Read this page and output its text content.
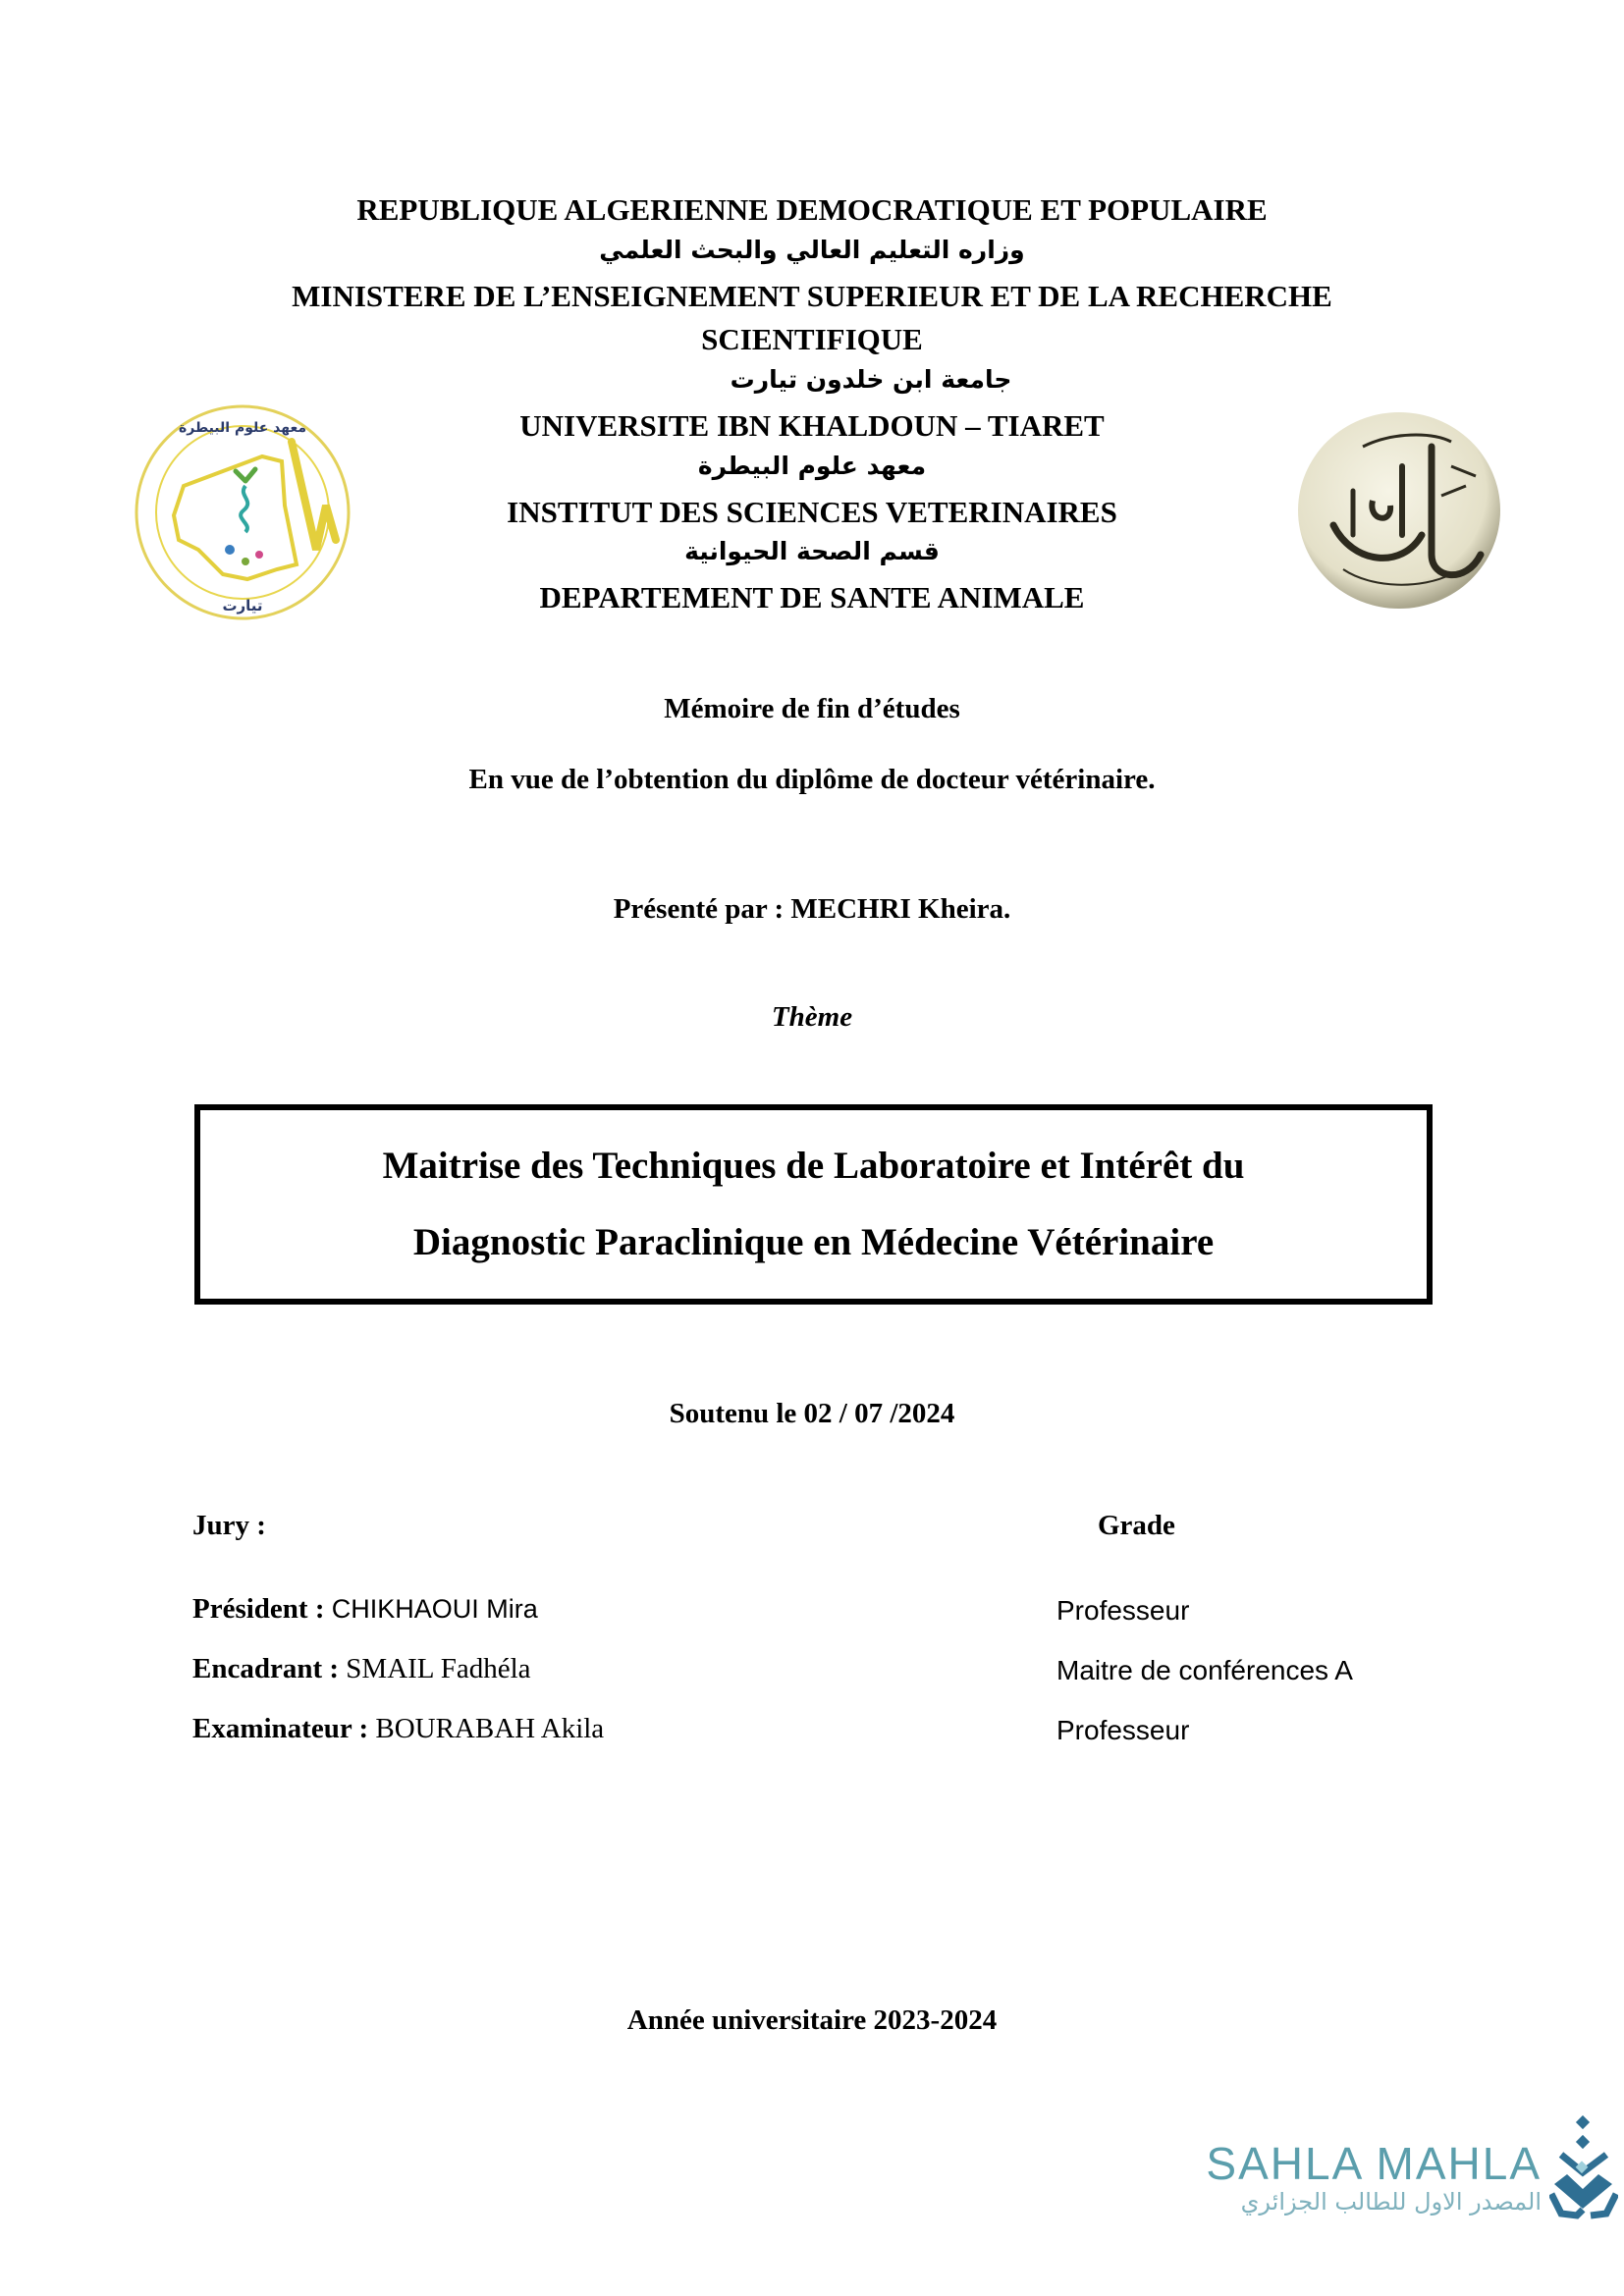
REPUBLIQUE ALGERIENNE DEMOCRATIQUE ET POPULAIRE
وزاره التعليم العالي والبحث العلمي
MINISTERE DE L’ENSEIGNEMENT SUPERIEUR ET DE LA RECHERCHE
SCIENTIFIQUE
جامعة ابن خلدون تيارت
UNIVERSITE IBN KHALDOUN – TIARET
معهد علوم البيطرة
INSTITUT DES SCIENCES VETERINAIRES
قسم الصحة الحيوانية
DEPARTEMENT DE SANTE ANIMALE
معهد علوم البيطرة
تيارت
Mémoire de fin d’études
En vue de l’obtention du diplôme de docteur vétérinaire.
Présenté par : MECHRI Kheira.
Thème
Maitrise des Techniques de Laboratoire et Intérêt du
Diagnostic Paraclinique en Médecine Vétérinaire
Soutenu le 02 / 07 /2024
Jury :	Grade
Président : CHIKHAOUI Mira	Professeur
Encadrant : SMAIL Fadhéla	Maitre de conférences A
Examinateur : BOURABAH Akila	Professeur
Année universitaire 2023-2024
SAHLA MAHLA
المصدر الاول للطالب الجزائري
